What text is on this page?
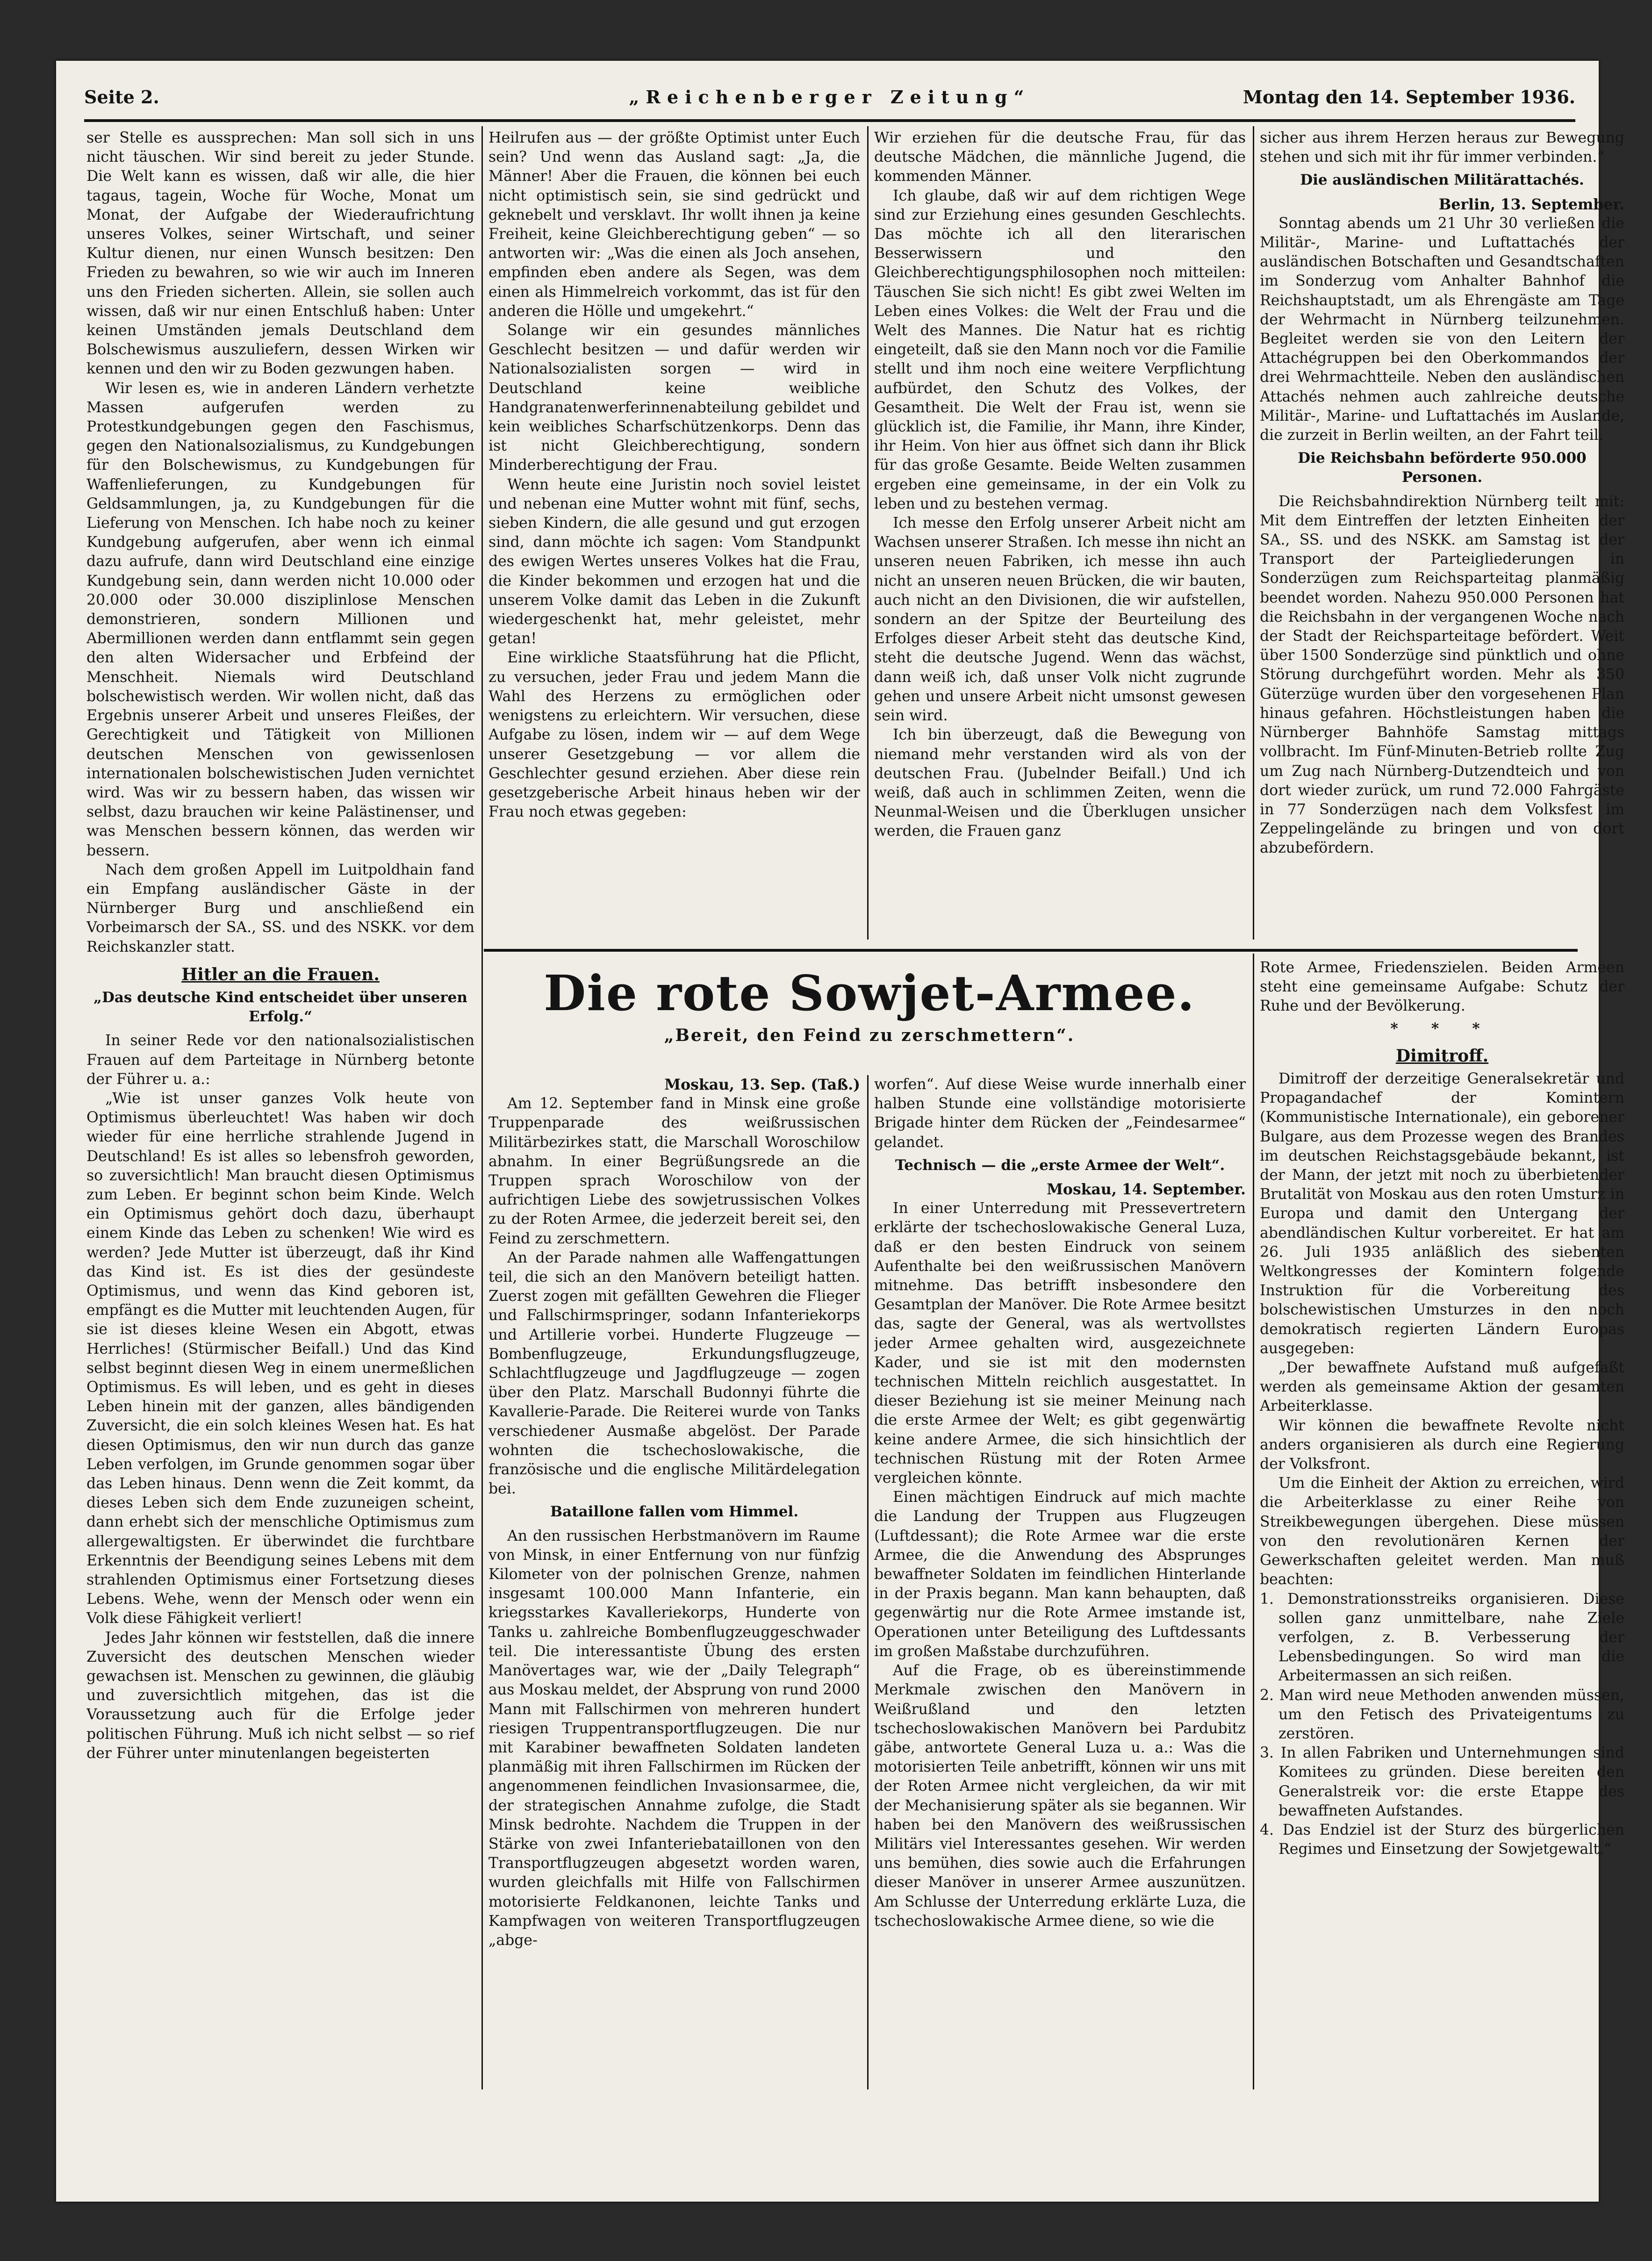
Seite 2.	„Reichenberger Zeitung“	Montag den 14. September 1936.

ser Stelle es aussprechen: Man soll sich in uns nicht täuschen. Wir sind bereit zu jeder Stunde. Die Welt kann es wissen, daß wir alle, die hier tagaus, tagein, Woche für Woche, Monat um Monat, der Aufgabe der Wiederaufrichtung unseres Volkes, seiner Wirtschaft, und seiner Kultur dienen, nur einen Wunsch besitzen: Den Frieden zu bewahren, so wie wir auch im Inneren uns den Frieden sicherten. Allein, sie sollen auch wissen, daß wir nur einen Entschluß haben: Unter keinen Umständen jemals Deutschland dem Bolschewismus auszuliefern, dessen Wirken wir kennen und den wir zu Boden gezwungen haben.

Wir lesen es, wie in anderen Ländern verhetzte Massen aufgerufen werden zu Protestkundgebungen gegen den Faschismus, gegen den Nationalsozialismus, zu Kundgebungen für den Bolschewismus, zu Kundgebungen für Waffenlieferungen, zu Kundgebungen für Geldsammlungen, ja, zu Kundgebungen für die Lieferung von Menschen. Ich habe noch zu keiner Kundgebung aufgerufen, aber wenn ich einmal dazu aufrufe, dann wird Deutschland eine einzige Kundgebung sein, dann werden nicht 10.000 oder 20.000 oder 30.000 disziplinlose Menschen demonstrieren, sondern Millionen und Abermillionen werden dann entflammt sein gegen den alten Widersacher und Erbfeind der Menschheit. Niemals wird Deutschland bolschewistisch werden. Wir wollen nicht, daß das Ergebnis unserer Arbeit und unseres Fleißes, der Gerechtigkeit und Tätigkeit von Millionen deutschen Menschen von gewissenlosen internationalen bolschewistischen Juden vernichtet wird. Was wir zu bessern haben, das wissen wir selbst, dazu brauchen wir keine Palästinenser, und was Menschen bessern können, das werden wir bessern.

Nach dem großen Appell im Luitpoldhain fand ein Empfang ausländischer Gäste in der Nürnberger Burg und anschließend ein Vorbeimarsch der SA., SS. und des NSKK. vor dem Reichskanzler statt.

Hitler an die Frauen.
„Das deutsche Kind entscheidet über unseren Erfolg.“

In seiner Rede vor den nationalsozialistischen Frauen auf dem Parteitage in Nürnberg betonte der Führer u. a.:

„Wie ist unser ganzes Volk heute von Optimismus überleuchtet! Was haben wir doch wieder für eine herrliche strahlende Jugend in Deutschland! Es ist alles so lebensfroh geworden, so zuversichtlich! Man braucht diesen Optimismus zum Leben. Er beginnt schon beim Kinde. Welch ein Optimismus gehört doch dazu, überhaupt einem Kinde das Leben zu schenken! Wie wird es werden? Jede Mutter ist überzeugt, daß ihr Kind das Kind ist. Es ist dies der gesündeste Optimismus, und wenn das Kind geboren ist, empfängt es die Mutter mit leuchtenden Augen, für sie ist dieses kleine Wesen ein Abgott, etwas Herrliches! (Stürmischer Beifall.) Und das Kind selbst beginnt diesen Weg in einem unermeßlichen Optimismus. Es will leben, und es geht in dieses Leben hinein mit der ganzen, alles bändigenden Zuversicht, die ein solch kleines Wesen hat. Es hat diesen Optimismus, den wir nun durch das ganze Leben verfolgen, im Grunde genommen sogar über das Leben hinaus. Denn wenn die Zeit kommt, da dieses Leben sich dem Ende zuzuneigen scheint, dann erhebt sich der menschliche Optimismus zum allergewaltigsten. Er überwindet die furchtbare Erkenntnis der Beendigung seines Lebens mit dem strahlenden Optimismus einer Fortsetzung dieses Lebens. Wehe, wenn der Mensch oder wenn ein Volk diese Fähigkeit verliert!

Jedes Jahr können wir feststellen, daß die innere Zuversicht des deutschen Menschen wieder gewachsen ist. Menschen zu gewinnen, die gläubig und zuversichtlich mitgehen, das ist die Voraussetzung auch für die Erfolge jeder politischen Führung. Muß ich nicht selbst — so rief der Führer unter minutenlangen begeisterten

Heilrufen aus — der größte Optimist unter Euch sein? Und wenn das Ausland sagt: „Ja, die Männer! Aber die Frauen, die können bei euch nicht optimistisch sein, sie sind gedrückt und geknebelt und versklavt. Ihr wollt ihnen ja keine Freiheit, keine Gleichberechtigung geben“ — so antworten wir: „Was die einen als Joch ansehen, empfinden eben andere als Segen, was dem einen als Himmelreich vorkommt, das ist für den anderen die Hölle und umgekehrt.“

Solange wir ein gesundes männliches Geschlecht besitzen — und dafür werden wir Nationalsozialisten sorgen — wird in Deutschland keine weibliche Handgranatenwerferinnenabteilung gebildet und kein weibliches Scharfschützenkorps. Denn das ist nicht Gleichberechtigung, sondern Minderberechtigung der Frau.

Wenn heute eine Juristin noch soviel leistet und nebenan eine Mutter wohnt mit fünf, sechs, sieben Kindern, die alle gesund und gut erzogen sind, dann möchte ich sagen: Vom Standpunkt des ewigen Wertes unseres Volkes hat die Frau, die Kinder bekommen und erzogen hat und die unserem Volke damit das Leben in die Zukunft wiedergeschenkt hat, mehr geleistet, mehr getan!

Eine wirkliche Staatsführung hat die Pflicht, zu versuchen, jeder Frau und jedem Mann die Wahl des Herzens zu ermöglichen oder wenigstens zu erleichtern. Wir versuchen, diese Aufgabe zu lösen, indem wir — auf dem Wege unserer Gesetzgebung — vor allem die Geschlechter gesund erziehen. Aber diese rein gesetzgeberische Arbeit hinaus heben wir der Frau noch etwas gegeben:

Wir erziehen für die deutsche Frau, für das deutsche Mädchen, die männliche Jugend, die kommenden Männer.

Ich glaube, daß wir auf dem richtigen Wege sind zur Erziehung eines gesunden Geschlechts. Das möchte ich all den literarischen Besserwissern und den Gleichberechtigungsphilosophen noch mitteilen: Täuschen Sie sich nicht! Es gibt zwei Welten im Leben eines Volkes: die Welt der Frau und die Welt des Mannes. Die Natur hat es richtig eingeteilt, daß sie den Mann noch vor die Familie stellt und ihm noch eine weitere Verpflichtung aufbürdet, den Schutz des Volkes, der Gesamtheit. Die Welt der Frau ist, wenn sie glücklich ist, die Familie, ihr Mann, ihre Kinder, ihr Heim. Von hier aus öffnet sich dann ihr Blick für das große Gesamte. Beide Welten zusammen ergeben eine gemeinsame, in der ein Volk zu leben und zu bestehen vermag.

Ich messe den Erfolg unserer Arbeit nicht am Wachsen unserer Straßen. Ich messe ihn nicht an unseren neuen Fabriken, ich messe ihn auch nicht an unseren neuen Brücken, die wir bauten, auch nicht an den Divisionen, die wir aufstellen, sondern an der Spitze der Beurteilung des Erfolges dieser Arbeit steht das deutsche Kind, steht die deutsche Jugend. Wenn das wächst, dann weiß ich, daß unser Volk nicht zugrunde gehen und unsere Arbeit nicht umsonst gewesen sein wird.

Ich bin überzeugt, daß die Bewegung von niemand mehr verstanden wird als von der deutschen Frau. (Jubelnder Beifall.) Und ich weiß, daß auch in schlimmen Zeiten, wenn die Neunmal-Weisen und die Überklugen unsicher werden, die Frauen ganz

sicher aus ihrem Herzen heraus zur Bewegung stehen und sich mit ihr für immer verbinden.“

Die ausländischen Militärattachés.

Berlin, 13. September.

Sonntag abends um 21 Uhr 30 verließen die Militär-, Marine- und Luftattachés der ausländischen Botschaften und Gesandtschaften im Sonderzug vom Anhalter Bahnhof die Reichshauptstadt, um als Ehrengäste am Tage der Wehrmacht in Nürnberg teilzunehmen. Begleitet werden sie von den Leitern der Attachégruppen bei den Oberkommandos der drei Wehrmachtteile. Neben den ausländischen Attachés nehmen auch zahlreiche deutsche Militär-, Marine- und Luftattachés im Auslande, die zurzeit in Berlin weilten, an der Fahrt teil.

Die Reichsbahn beförderte 950.000 Personen.

Die Reichsbahndirektion Nürnberg teilt mit: Mit dem Eintreffen der letzten Einheiten der SA., SS. und des NSKK. am Samstag ist der Transport der Parteigliederungen in Sonderzügen zum Reichsparteitag planmäßig beendet worden. Nahezu 950.000 Personen hat die Reichsbahn in der vergangenen Woche nach der Stadt der Reichsparteitage befördert. Weit über 1500 Sonderzüge sind pünktlich und ohne Störung durchgeführt worden. Mehr als 350 Güterzüge wurden über den vorgesehenen Plan hinaus gefahren. Höchstleistungen haben die Nürnberger Bahnhöfe Samstag mittags vollbracht. Im Fünf-Minuten-Betrieb rollte Zug um Zug nach Nürnberg-Dutzendteich und von dort wieder zurück, um rund 72.000 Fahrgäste in 77 Sonderzügen nach dem Volksfest im Zeppelingelände zu bringen und von dort abzubefördern.

Die rote Sowjet-Armee.
„Bereit, den Feind zu zerschmettern“.

Moskau, 13. Sep. (Taß.)

Am 12. September fand in Minsk eine große Truppenparade des weißrussischen Militärbezirkes statt, die Marschall Woroschilow abnahm. In einer Begrüßungsrede an die Truppen sprach Woroschilow von der aufrichtigen Liebe des sowjetrussischen Volkes zu der Roten Armee, die jederzeit bereit sei, den Feind zu zerschmettern.

An der Parade nahmen alle Waffengattungen teil, die sich an den Manövern beteiligt hatten. Zuerst zogen mit gefällten Gewehren die Flieger und Fallschirmspringer, sodann Infanteriekorps und Artillerie vorbei. Hunderte Flugzeuge — Bombenflugzeuge, Erkundungsflugzeuge, Schlachtflugzeuge und Jagdflugzeuge — zogen über den Platz. Marschall Budonnyi führte die Kavallerie-Parade. Die Reiterei wurde von Tanks verschiedener Ausmaße abgelöst. Der Parade wohnten die tschechoslowakische, die französische und die englische Militärdelegation bei.

Bataillone fallen vom Himmel.

An den russischen Herbstmanövern im Raume von Minsk, in einer Entfernung von nur fünfzig Kilometer von der polnischen Grenze, nahmen insgesamt 100.000 Mann Infanterie, ein kriegsstarkes Kavalleriekorps, Hunderte von Tanks u. zahlreiche Bombenflugzeuggeschwader teil. Die interessantiste Übung des ersten Manövertages war, wie der „Daily Telegraph“ aus Moskau meldet, der Absprung von rund 2000 Mann mit Fallschirmen von mehreren hundert riesigen Truppentransportflugzeugen. Die nur mit Karabiner bewaffneten Soldaten landeten planmäßig mit ihren Fallschirmen im Rücken der angenommenen feindlichen Invasionsarmee, die, der strategischen Annahme zufolge, die Stadt Minsk bedrohte. Nachdem die Truppen in der Stärke von zwei Infanteriebataillonen von den Transportflugzeugen abgesetzt worden waren, wurden gleichfalls mit Hilfe von Fallschirmen motorisierte Feldkanonen, leichte Tanks und Kampfwagen von weiteren Transportflugzeugen „abge-

worfen“. Auf diese Weise wurde innerhalb einer halben Stunde eine vollständige motorisierte Brigade hinter dem Rücken der „Feindesarmee“ gelandet.

Technisch — die „erste Armee der Welt“.

Moskau, 14. September.

In einer Unterredung mit Pressevertretern erklärte der tschechoslowakische General Luza, daß er den besten Eindruck von seinem Aufenthalte bei den weißrussischen Manövern mitnehme. Das betrifft insbesondere den Gesamtplan der Manöver. Die Rote Armee besitzt das, sagte der General, was als wertvollstes jeder Armee gehalten wird, ausgezeichnete Kader, und sie ist mit den modernsten technischen Mitteln reichlich ausgestattet. In dieser Beziehung ist sie meiner Meinung nach die erste Armee der Welt; es gibt gegenwärtig keine andere Armee, die sich hinsichtlich der technischen Rüstung mit der Roten Armee vergleichen könnte.

Einen mächtigen Eindruck auf mich machte die Landung der Truppen aus Flugzeugen (Luftdessant); die Rote Armee war die erste Armee, die die Anwendung des Absprunges bewaffneter Soldaten im feindlichen Hinterlande in der Praxis begann. Man kann behaupten, daß gegenwärtig nur die Rote Armee imstande ist, Operationen unter Beteiligung des Luftdessants im großen Maßstabe durchzuführen.

Auf die Frage, ob es übereinstimmende Merkmale zwischen den Manövern in Weißrußland und den letzten tschechoslowakischen Manövern bei Pardubitz gäbe, antwortete General Luza u. a.: Was die motorisierten Teile anbetrifft, können wir uns mit der Roten Armee nicht vergleichen, da wir mit der Mechanisierung später als sie begannen. Wir haben bei den Manövern des weißrussischen Militärs viel Interessantes gesehen. Wir werden uns bemühen, dies sowie auch die Erfahrungen dieser Manöver in unserer Armee auszunützen. Am Schlusse der Unterredung erklärte Luza, die tschechoslowakische Armee diene, so wie die

Rote Armee, Friedenszielen. Beiden Armeen steht eine gemeinsame Aufgabe: Schutz der Ruhe und der Bevölkerung.

* * *
Dimitroff.

Dimitroff der derzeitige Generalsekretär und Propagandachef der Komintern (Kommunistische Internationale), ein geborener Bulgare, aus dem Prozesse wegen des Brandes im deutschen Reichstagsgebäude bekannt, ist der Mann, der jetzt mit noch zu überbietender Brutalität von Moskau aus den roten Umsturz in Europa und damit den Untergang der abendländischen Kultur vorbereitet. Er hat am 26. Juli 1935 anläßlich des siebenten Weltkongresses der Komintern folgende Instruktion für die Vorbereitung des bolschewistischen Umsturzes in den noch demokratisch regierten Ländern Europas ausgegeben:

„Der bewaffnete Aufstand muß aufgefaßt werden als gemeinsame Aktion der gesamten Arbeiterklasse.

Wir können die bewaffnete Revolte nicht anders organisieren als durch eine Regierung der Volksfront.

Um die Einheit der Aktion zu erreichen, wird die Arbeiterklasse zu einer Reihe von Streikbewegungen übergehen. Diese müssen von den revolutionären Kernen der Gewerkschaften geleitet werden. Man muß beachten:

1. Demonstrationsstreiks organisieren. Diese sollen ganz unmittelbare, nahe Ziele verfolgen, z. B. Verbesserung der Lebensbedingungen. So wird man die Arbeitermassen an sich reißen.

2. Man wird neue Methoden anwenden müssen, um den Fetisch des Privateigentums zu zerstören.

3. In allen Fabriken und Unternehmungen sind Komitees zu gründen. Diese bereiten den Generalstreik vor: die erste Etappe des bewaffneten Aufstandes.

4. Das Endziel ist der Sturz des bürgerlichen Regimes und Einsetzung der Sowjetgewalt.“
